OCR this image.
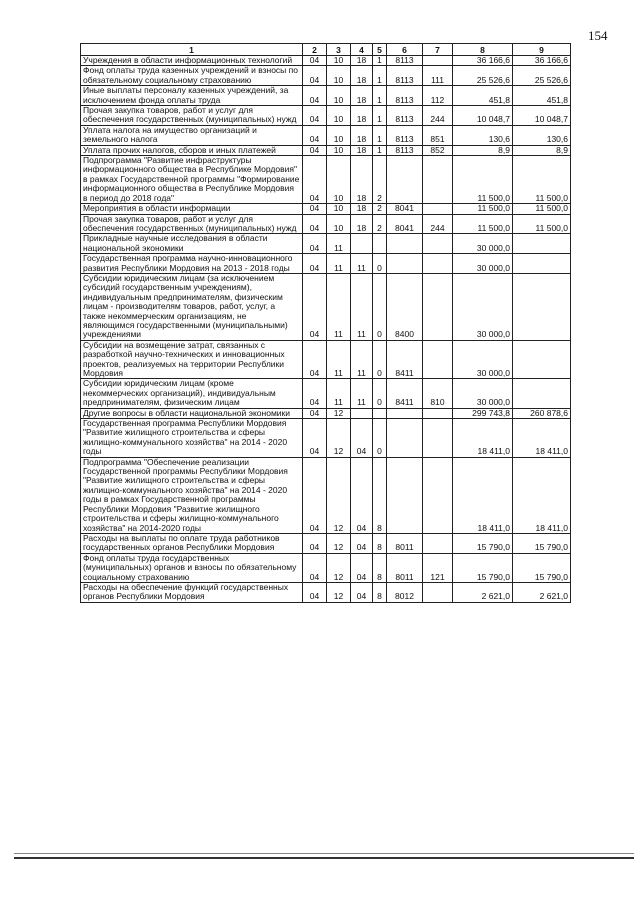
154
1	2	3	4	5	6	7	8	9
Учреждения в области информационных технологий	04	10	18	1	8113		36 166,6	36 166,6
Фонд оплаты труда казенных учреждений и взносы по обязательному социальному страхованию	04	10	18	1	8113	111	25 526,6	25 526,6
Иные выплаты персоналу казенных учреждений, за исключением фонда оплаты труда	04	10	18	1	8113	112	451,8	451,8
Прочая закупка товаров, работ и услуг для обеспечения государственных (муниципальных) нужд	04	10	18	1	8113	244	10 048,7	10 048,7
Уплата налога на имущество организаций и земельного налога	04	10	18	1	8113	851	130,6	130,6
Уплата прочих налогов, сборов и иных платежей	04	10	18	1	8113	852	8,9	8,9
Подпрограмма "Развитие инфраструктуры информационного общества в Республике Мордовия" в рамках Государственной программы "Формирование информационного общества в Республике Мордовия в период до 2018 года"	04	10	18	2			11 500,0	11 500,0
Мероприятия в области информации	04	10	18	2	8041		11 500,0	11 500,0
Прочая закупка товаров, работ и услуг для обеспечения государственных (муниципальных) нужд	04	10	18	2	8041	244	11 500,0	11 500,0
Прикладные научные исследования в области национальной экономики	04	11					30 000,0	
Государственная программа научно-инновационного развития Республики Мордовия на 2013 - 2018 годы	04	11	11	0			30 000,0	
Субсидии юридическим лицам (за исключением субсидий государственным учреждениям), индивидуальным предпринимателям, физическим лицам - производителям товаров, работ, услуг, а также некоммерческим организациям, не являющимся государственными (муниципальными) учреждениями	04	11	11	0	8400		30 000,0	
Субсидии на возмещение затрат, связанных с разработкой научно-технических и инновационных проектов, реализуемых на территории Республики Мордовия	04	11	11	0	8411		30 000,0	
Субсидии юридическим лицам (кроме некоммерческих организаций), индивидуальным предпринимателям, физическим лицам	04	11	11	0	8411	810	30 000,0	
Другие вопросы в области национальной экономики	04	12					299 743,8	260 878,6
Государственная программа Республики Мордовия "Развитие жилищного строительства и сферы жилищно-коммунального хозяйства" на 2014 - 2020 годы	04	12	04	0			18 411,0	18 411,0
Подпрограмма "Обеспечение реализации Государственной программы Республики Мордовия "Развитие жилищного строительства и сферы жилищно-коммунального хозяйства" на 2014 - 2020 годы в рамках Государственной программы Республики Мордовия "Развитие жилищного строительства и сферы жилищно-коммунального хозяйства" на 2014-2020 годы	04	12	04	8			18 411,0	18 411,0
Расходы на выплаты по оплате труда работников государственных органов Республики Мордовия	04	12	04	8	8011		15 790,0	15 790,0
Фонд оплаты труда государственных (муниципальных) органов и взносы по обязательному социальному страхованию	04	12	04	8	8011	121	15 790,0	15 790,0
Расходы на обеспечение функций государственных органов Республики Мордовия	04	12	04	8	8012		2 621,0	2 621,0
